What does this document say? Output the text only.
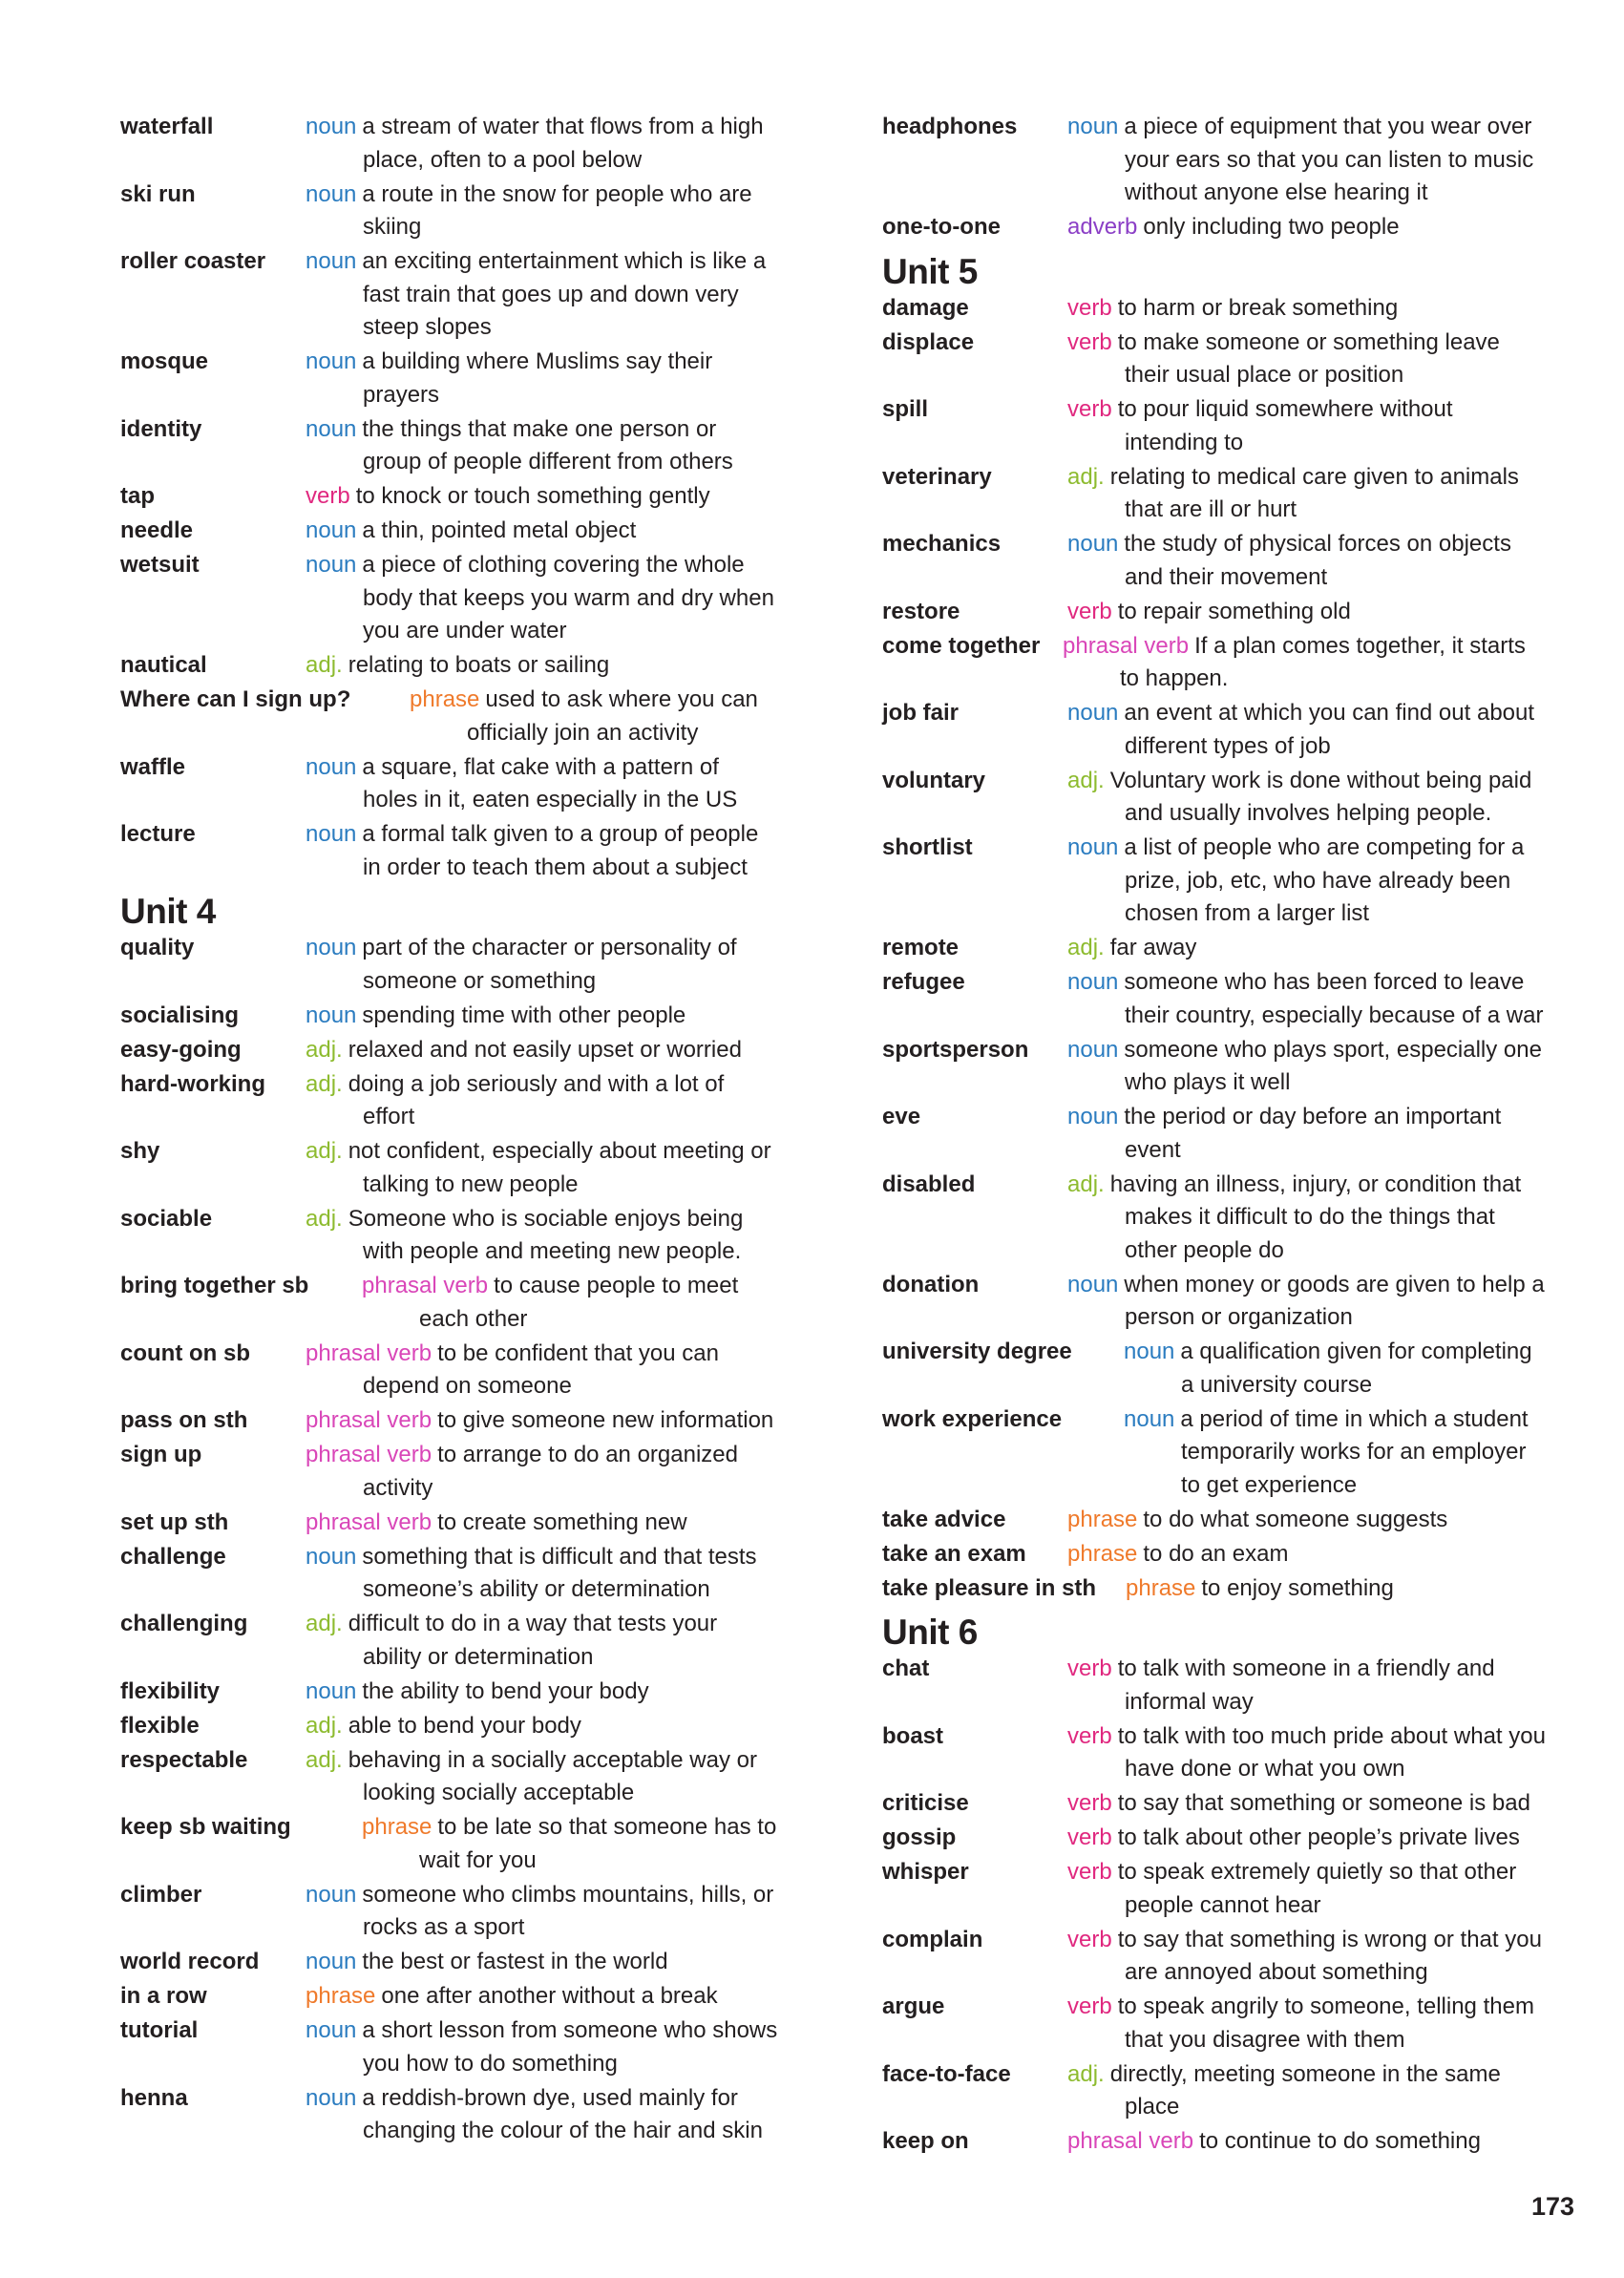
waterfall	noun a stream of water that flows from a high place, often to a pool below
ski run	noun a route in the snow for people who are skiing
roller coaster noun an exciting entertainment which is like a fast train that goes up and down very steep slopes
mosque	noun a building where Muslims say their prayers
identity	noun the things that make one person or group of people different from others
tap	verb to knock or touch something gently
needle	noun a thin, pointed metal object
wetsuit	noun a piece of clothing covering the whole body that keeps you warm and dry when you are under water
nautical	adj. relating to boats or sailing
Where can I sign up?	phrase used to ask where you can officially join an activity
waffle	noun a square, flat cake with a pattern of holes in it, eaten especially in the US
lecture	noun a formal talk given to a group of people in order to teach them about a subject
Unit 4
quality	noun part of the character or personality of someone or something
socialising	noun spending time with other people
easy-going	adj. relaxed and not easily upset or worried
hard-working adj. doing a job seriously and with a lot of effort
shy	adj. not confident, especially about meeting or talking to new people
sociable	adj. Someone who is sociable enjoys being with people and meeting new people.
bring together sb phrasal verb to cause people to meet each other
count on sb phrasal verb to be confident that you can depend on someone
pass on sth	phrasal verb to give someone new information
sign up	phrasal verb to arrange to do an organized activity
set up sth	phrasal verb to create something new
challenge	noun something that is difficult and that tests someone’s ability or determination
challenging	adj. difficult to do in a way that tests your ability or determination
flexibility	noun the ability to bend your body
flexible	adj. able to bend your body
respectable	adj. behaving in a socially acceptable way or looking socially acceptable
keep sb waiting	phrase to be late so that someone has to wait for you
climber	noun someone who climbs mountains, hills, or rocks as a sport
world record noun the best or fastest in the world
in a row	phrase one after another without a break
tutorial	noun a short lesson from someone who shows you how to do something
henna	noun a reddish-brown dye, used mainly for changing the colour of the hair and skin
headphones noun a piece of equipment that you wear over your ears so that you can listen to music without anyone else hearing it
one-to-one	adverb only including two people
Unit 5
damage	verb to harm or break something
displace	verb to make someone or something leave their usual place or position
spill	verb to pour liquid somewhere without intending to
veterinary	adj. relating to medical care given to animals that are ill or hurt
mechanics	noun the study of physical forces on objects and their movement
restore	verb to repair something old
come together phrasal verb If a plan comes together, it starts to happen.
job fair	noun an event at which you can find out about different types of job
voluntary	adj. Voluntary work is done without being paid and usually involves helping people.
shortlist	noun a list of people who are competing for a prize, job, etc, who have already been chosen from a larger list
remote	adj. far away
refugee	noun someone who has been forced to leave their country, especially because of a war
sportsperson noun someone who plays sport, especially one who plays it well
eve	noun the period or day before an important event
disabled	adj. having an illness, injury, or condition that makes it difficult to do the things that other people do
donation	noun when money or goods are given to help a person or organization
university degree noun a qualification given for completing a university course
work experience	noun a period of time in which a student temporarily works for an employer to get experience
take advice	phrase to do what someone suggests
take an exam phrase to do an exam
take pleasure in sth phrase to enjoy something
Unit 6
chat	verb to talk with someone in a friendly and informal way
boast	verb to talk with too much pride about what you have done or what you own
criticise	verb to say that something or someone is bad
gossip	verb to talk about other people’s private lives
whisper	verb to speak extremely quietly so that other people cannot hear
complain	verb to say that something is wrong or that you are annoyed about something
argue	verb to speak angrily to someone, telling them that you disagree with them
face-to-face adj. directly, meeting someone in the same place
keep on	phrasal verb to continue to do something
173
